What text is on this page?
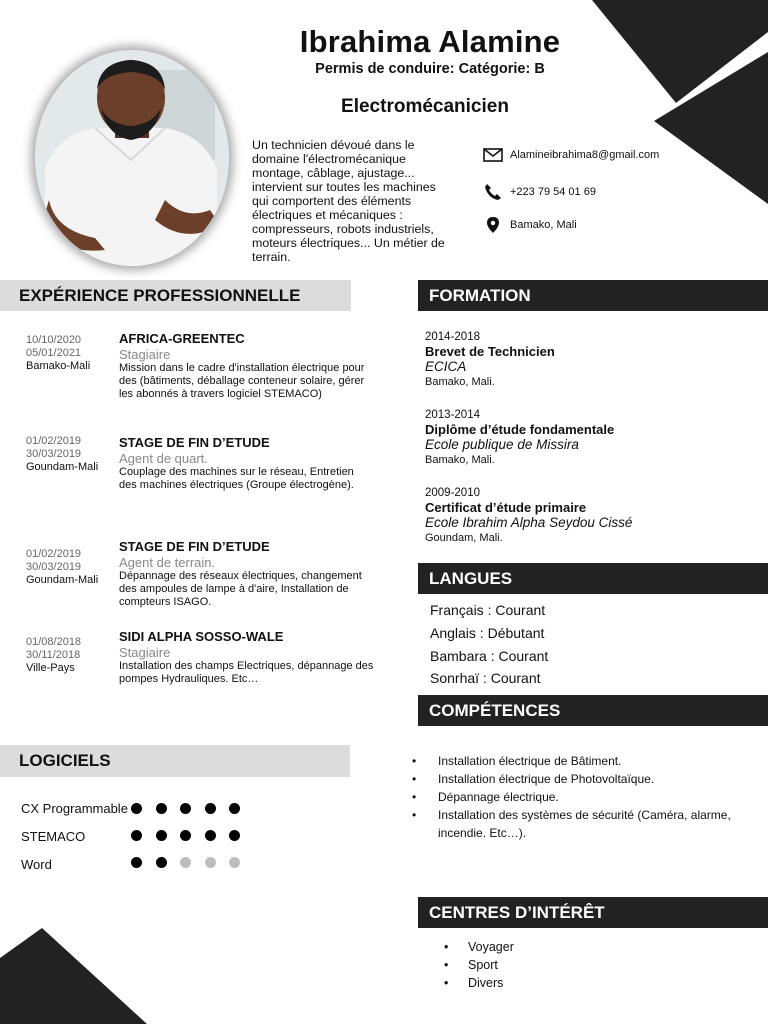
Ibrahima Alamine
Permis de conduire: Catégorie: B
Electromécanicien
Un technicien dévoué dans le domaine l'électromécanique montage, câblage, ajustage... intervient sur toutes les machines qui comportent des éléments électriques et mécaniques : compresseurs, robots industriels, moteurs électriques... Un métier de terrain.
Alamineibrahima8@gmail.com
+223 79 54 01 69
Bamako, Mali
EXPÉRIENCE PROFESSIONNELLE
10/10/2020
05/01/2021
Bamako-Mali
AFRICA-GREENTEC
Stagiaire
Mission dans le cadre d'installation électrique pour des (bâtiments, déballage conteneur solaire, gérer les abonnés à travers logiciel STEMACO)
01/02/2019
30/03/2019
Goundam-Mali
STAGE DE FIN D’ETUDE
Agent de quart.
Couplage des machines sur le réseau, Entretien des machines électriques (Groupe électrogène).
01/02/2019
30/03/2019
Goundam-Mali
STAGE DE FIN D’ETUDE
Agent de terrain.
Dépannage des réseaux électriques, changement des ampoules de lampe à d'aire, Installation de compteurs ISAGO.
01/08/2018
30/11/2018
Ville-Pays
SIDI ALPHA SOSSO-WALE
Stagiaire
Installation des champs Electriques, dépannage des pompes Hydrauliques. Etc…
LOGICIELS
CX Programmable
STEMACO
Word
FORMATION
2014-2018
Brevet de Technicien
ECICA
Bamako, Mali.
2013-2014
Diplôme d’étude fondamentale
Ecole publique de Missira
Bamako, Mali.
2009-2010
Certificat d’étude primaire
Ecole Ibrahim Alpha Seydou Cissé
Goundam, Mali.
LANGUES
Français : Courant
Anglais : Débutant
Bambara : Courant
Sonrhaï : Courant
COMPÉTENCES
• Installation électrique de Bâtiment.
• Installation électrique de Photovoltaïque.
• Dépannage électrique.
• Installation des systèmes de sécurité (Caméra, alarme, incendie. Etc…).
CENTRES D’INTÉRÊT
• Voyager
• Sport
• Divers
